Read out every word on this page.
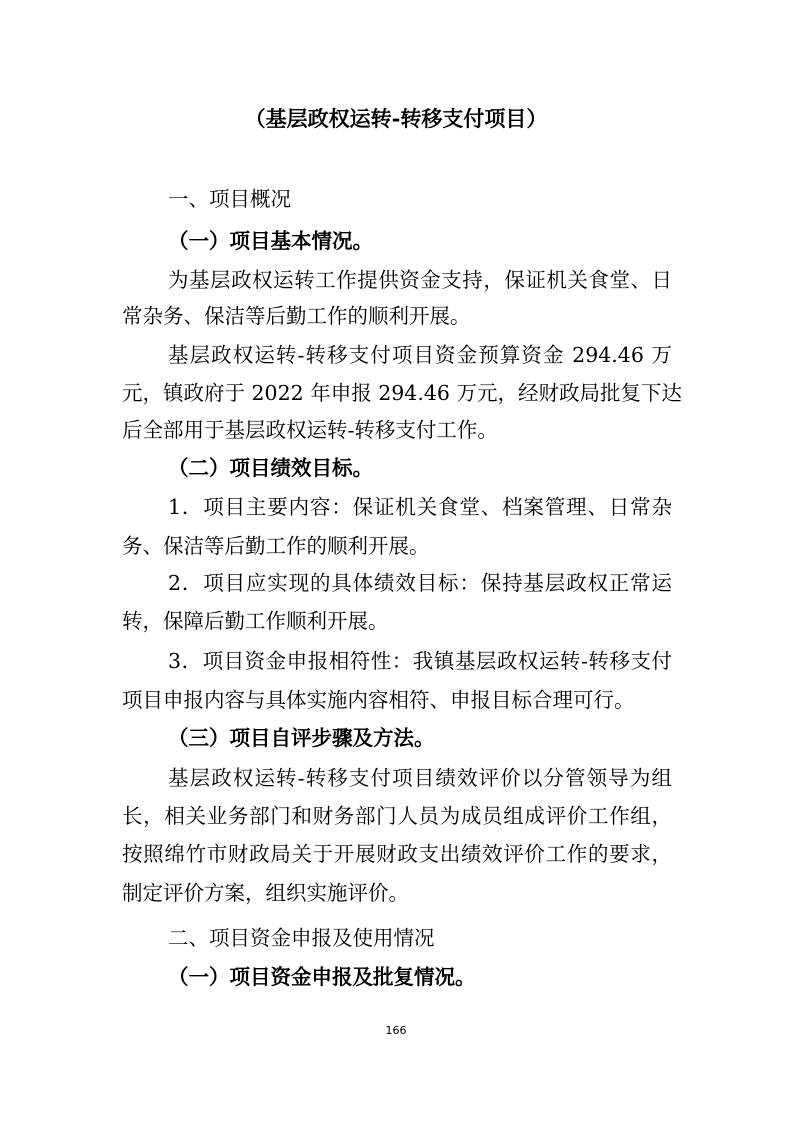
（基层政权运转-转移支付项目）
一、项目概况
（一）项目基本情况。
为基层政权运转工作提供资金支持，保证机关食堂、日
常杂务、保洁等后勤工作的顺利开展。
基层政权运转-转移支付项目资金预算资金 294.46 万
元，镇政府于 2022 年申报 294.46 万元，经财政局批复下达
后全部用于基层政权运转-转移支付工作。
（二）项目绩效目标。
1．项目主要内容：保证机关食堂、档案管理、日常杂
务、保洁等后勤工作的顺利开展。
2．项目应实现的具体绩效目标：保持基层政权正常运
转，保障后勤工作顺利开展。
3．项目资金申报相符性：我镇基层政权运转-转移支付
项目申报内容与具体实施内容相符、申报目标合理可行。
（三）项目自评步骤及方法。
基层政权运转-转移支付项目绩效评价以分管领导为组
长，相关业务部门和财务部门人员为成员组成评价工作组，
按照绵竹市财政局关于开展财政支出绩效评价工作的要求，
制定评价方案，组织实施评价。
二、项目资金申报及使用情况
（一）项目资金申报及批复情况。
166
